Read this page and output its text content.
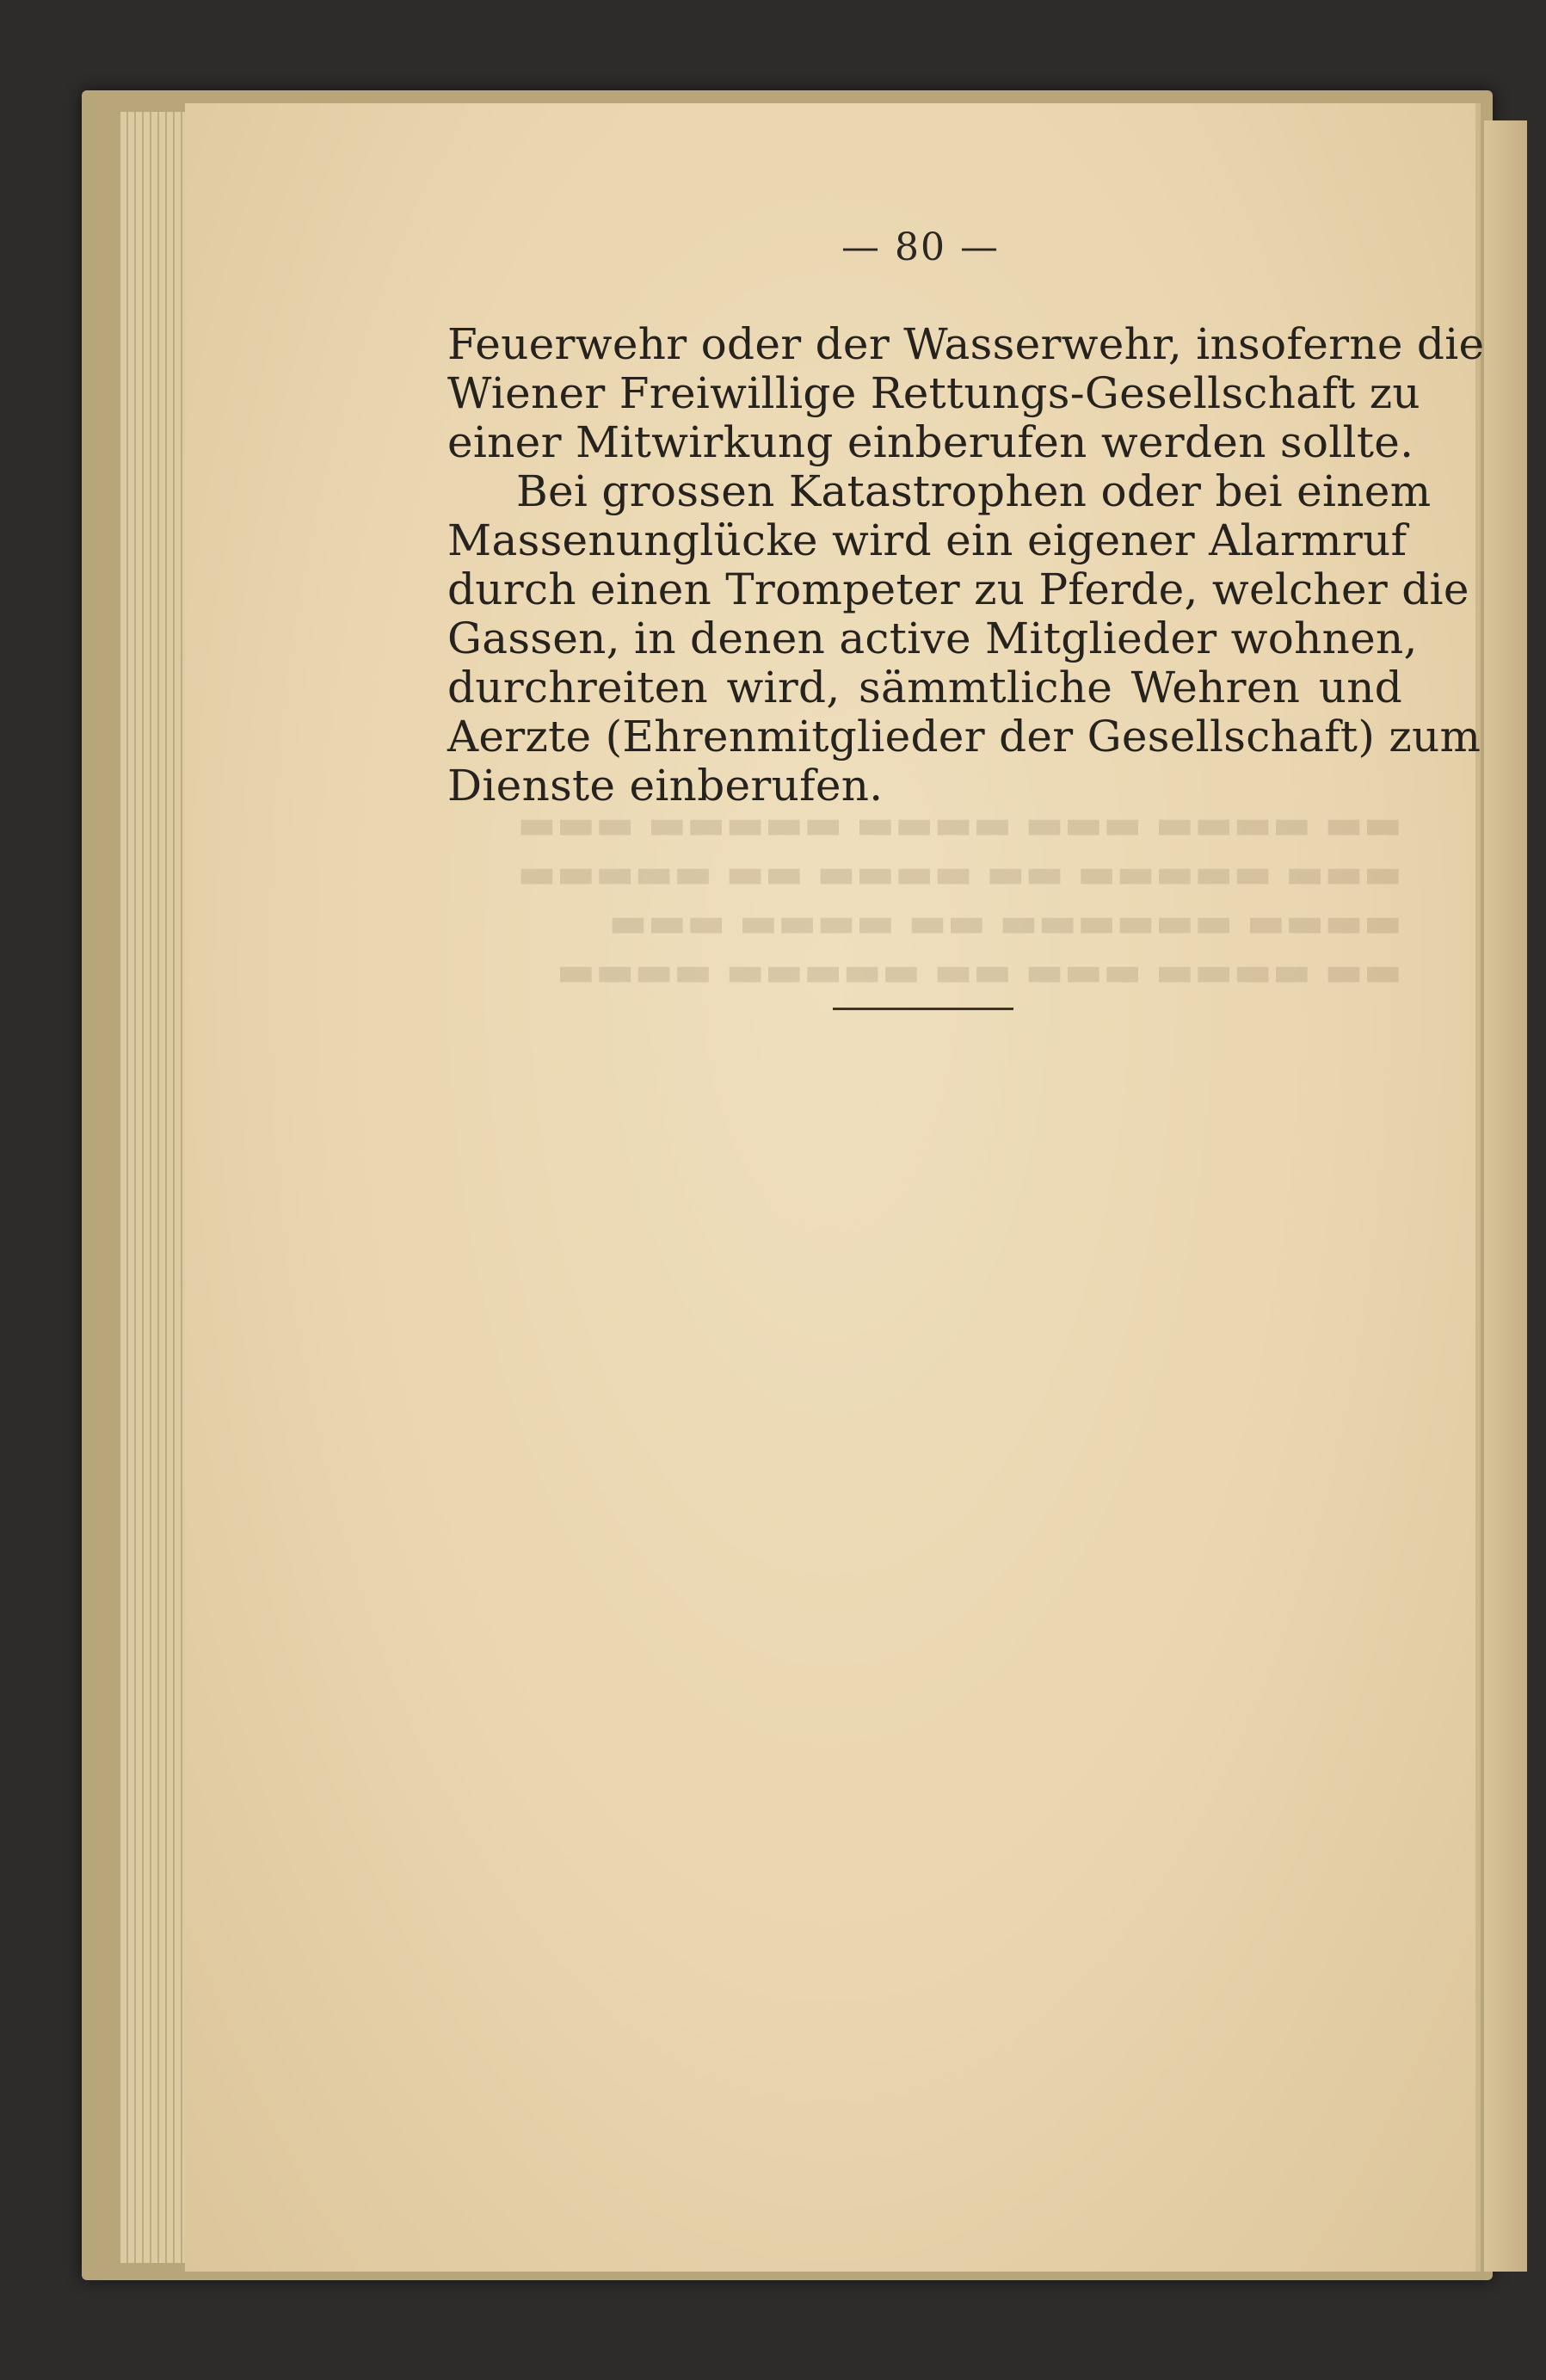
▬▬ ▬▬▬▬ ▬▬▬ ▬▬▬▬ ▬▬▬▬▬ ▬▬▬
▬▬▬ ▬▬▬▬▬ ▬▬ ▬▬▬▬ ▬▬ ▬▬▬▬▬
▬▬▬▬ ▬▬▬▬▬▬ ▬▬ ▬▬▬▬ ▬▬▬
▬▬ ▬▬▬▬ ▬▬▬ ▬▬ ▬▬▬▬▬ ▬▬▬▬
— 80 —
Feuerwehr oder der Wasserwehr, insoferne die
Wiener Freiwillige Rettungs-Gesellschaft zu
einer Mitwirkung einberufen werden sollte.
Bei grossen Katastrophen oder bei einem
Massenunglücke wird ein eigener Alarmruf
durch einen Trompeter zu Pferde, welcher die
Gassen, in denen active Mitglieder wohnen,
durchreiten wird, sämmtliche Wehren und
Aerzte (Ehrenmitglieder der Gesellschaft) zum
Dienste einberufen.
